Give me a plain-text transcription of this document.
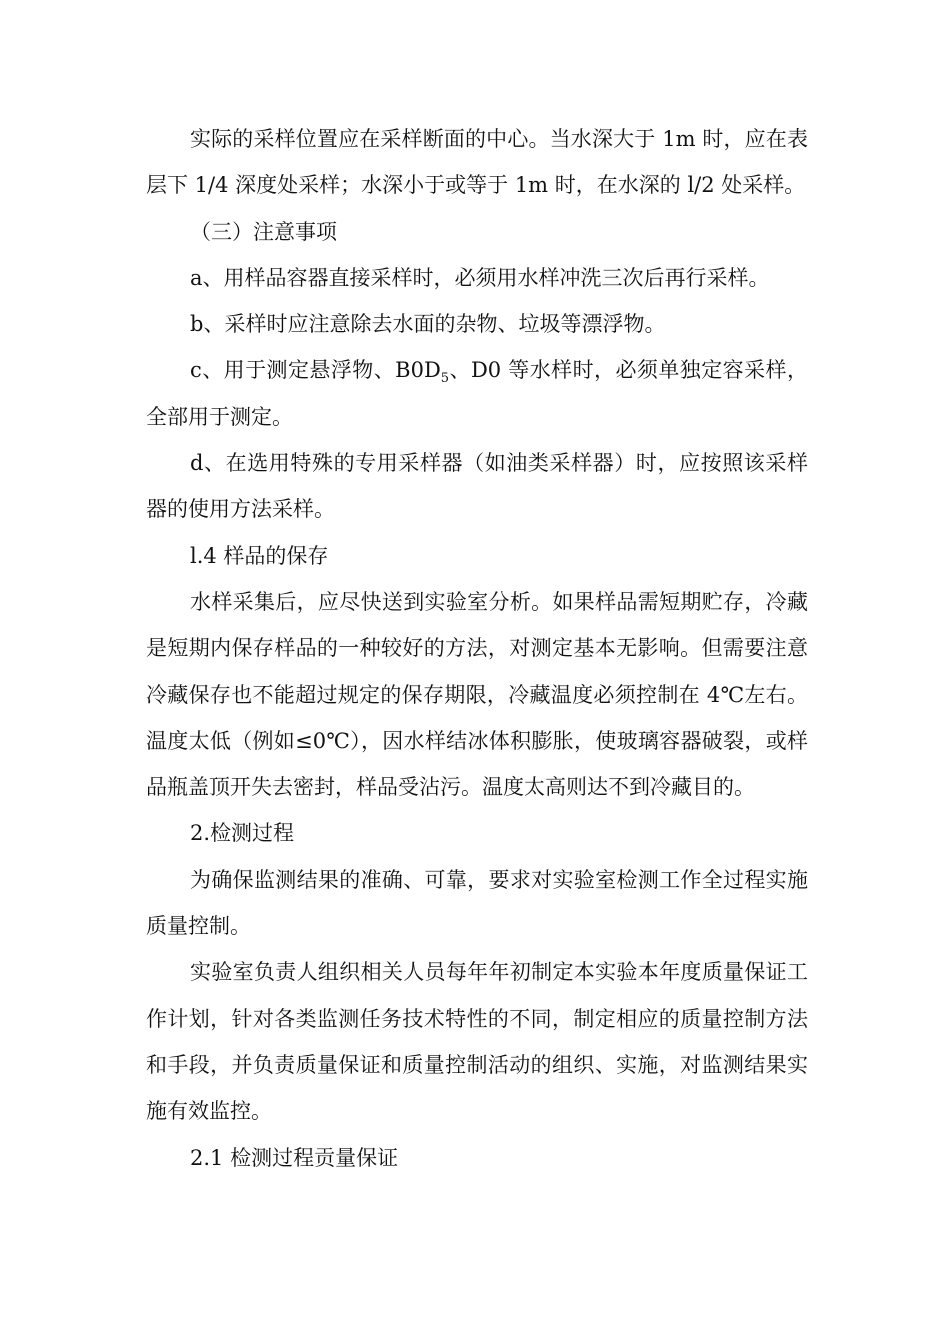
实际的采样位置应在采样断面的中心。当水深大于 1m 时，应在表层下 1/4 深度处采样；水深小于或等于 1m 时，在水深的 l/2 处采样。

（三）注意事项

a、用样品容器直接采样时，必须用水样冲洗三次后再行采样。

b、采样时应注意除去水面的杂物、垃圾等漂浮物。

c、用于测定悬浮物、$B0D_5$、D0 等水样时，必须单独定容采样，全部用于测定。

d、在选用特殊的专用采样器（如油类采样器）时，应按照该采样器的使用方法采样。

l.4 样品的保存

水样采集后，应尽快送到实验室分析。如果样品需短期贮存，冷藏是短期内保存样品的一种较好的方法，对测定基本无影响。但需要注意冷藏保存也不能超过规定的保存期限，冷藏温度必须控制在 4℃左右。温度太低（例如≤0℃），因水样结冰体积膨胀，使玻璃容器破裂，或样品瓶盖顶开失去密封，样品受沾污。温度太高则达不到冷藏目的。

2.检测过程

为确保监测结果的准确、可靠，要求对实验室检测工作全过程实施质量控制。

实验室负责人组织相关人员每年年初制定本实验本年度质量保证工作计划，针对各类监测任务技术特性的不同，制定相应的质量控制方法和手段，并负责质量保证和质量控制活动的组织、实施，对监测结果实施有效监控。

2.1 检测过程贡量保证
